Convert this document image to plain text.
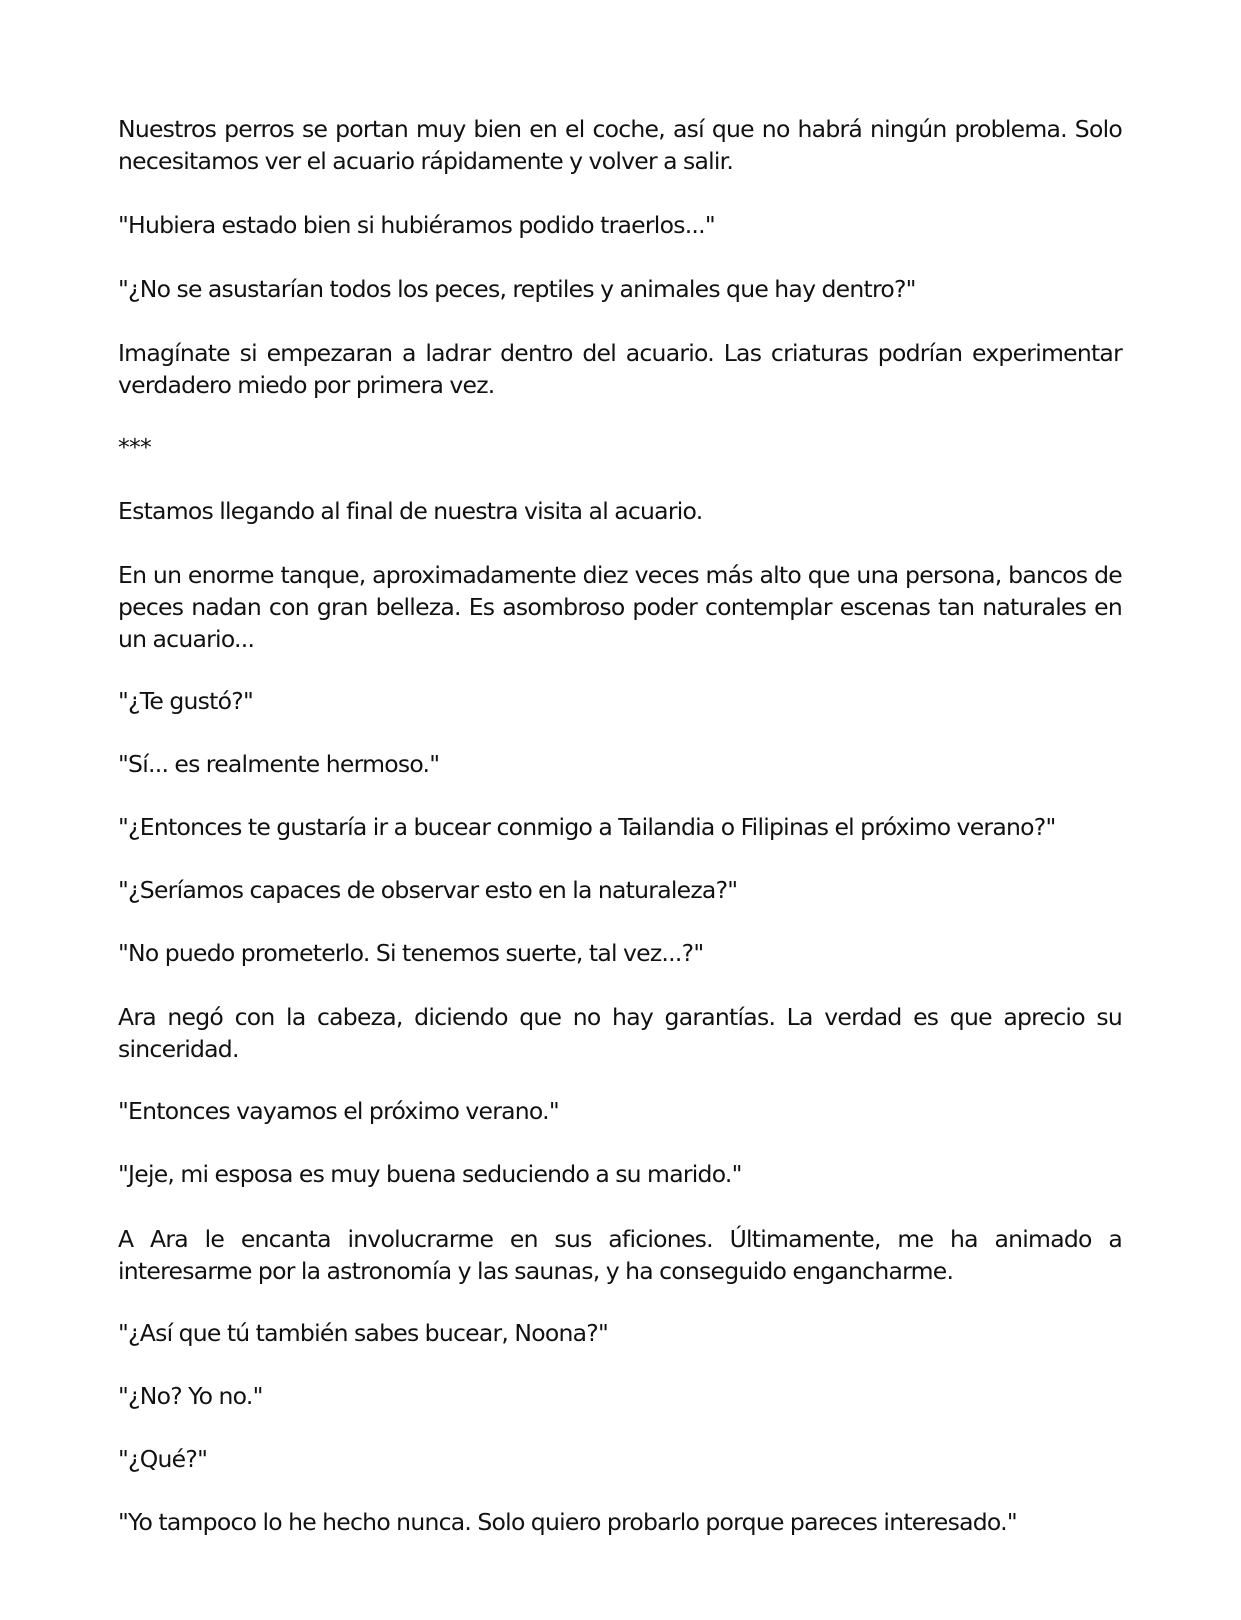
Nuestros perros se portan muy bien en el coche, así que no habrá ningún problema. Solo necesitamos ver el acuario rápidamente y volver a salir.

"Hubiera estado bien si hubiéramos podido traerlos..."

"¿No se asustarían todos los peces, reptiles y animales que hay dentro?"

Imagínate si empezaran a ladrar dentro del acuario. Las criaturas podrían experimentar verdadero miedo por primera vez.

***

Estamos llegando al final de nuestra visita al acuario.

En un enorme tanque, aproximadamente diez veces más alto que una persona, bancos de peces nadan con gran belleza. Es asombroso poder contemplar escenas tan naturales en un acuario...

"¿Te gustó?"

"Sí... es realmente hermoso."

"¿Entonces te gustaría ir a bucear conmigo a Tailandia o Filipinas el próximo verano?"

"¿Seríamos capaces de observar esto en la naturaleza?"

"No puedo prometerlo. Si tenemos suerte, tal vez...?"

Ara negó con la cabeza, diciendo que no hay garantías. La verdad es que aprecio su sinceridad.

"Entonces vayamos el próximo verano."

"Jeje, mi esposa es muy buena seduciendo a su marido."

A Ara le encanta involucrarme en sus aficiones. Últimamente, me ha animado a interesarme por la astronomía y las saunas, y ha conseguido engancharme.

"¿Así que tú también sabes bucear, Noona?"

"¿No? Yo no."

"¿Qué?"

"Yo tampoco lo he hecho nunca. Solo quiero probarlo porque pareces interesado."
